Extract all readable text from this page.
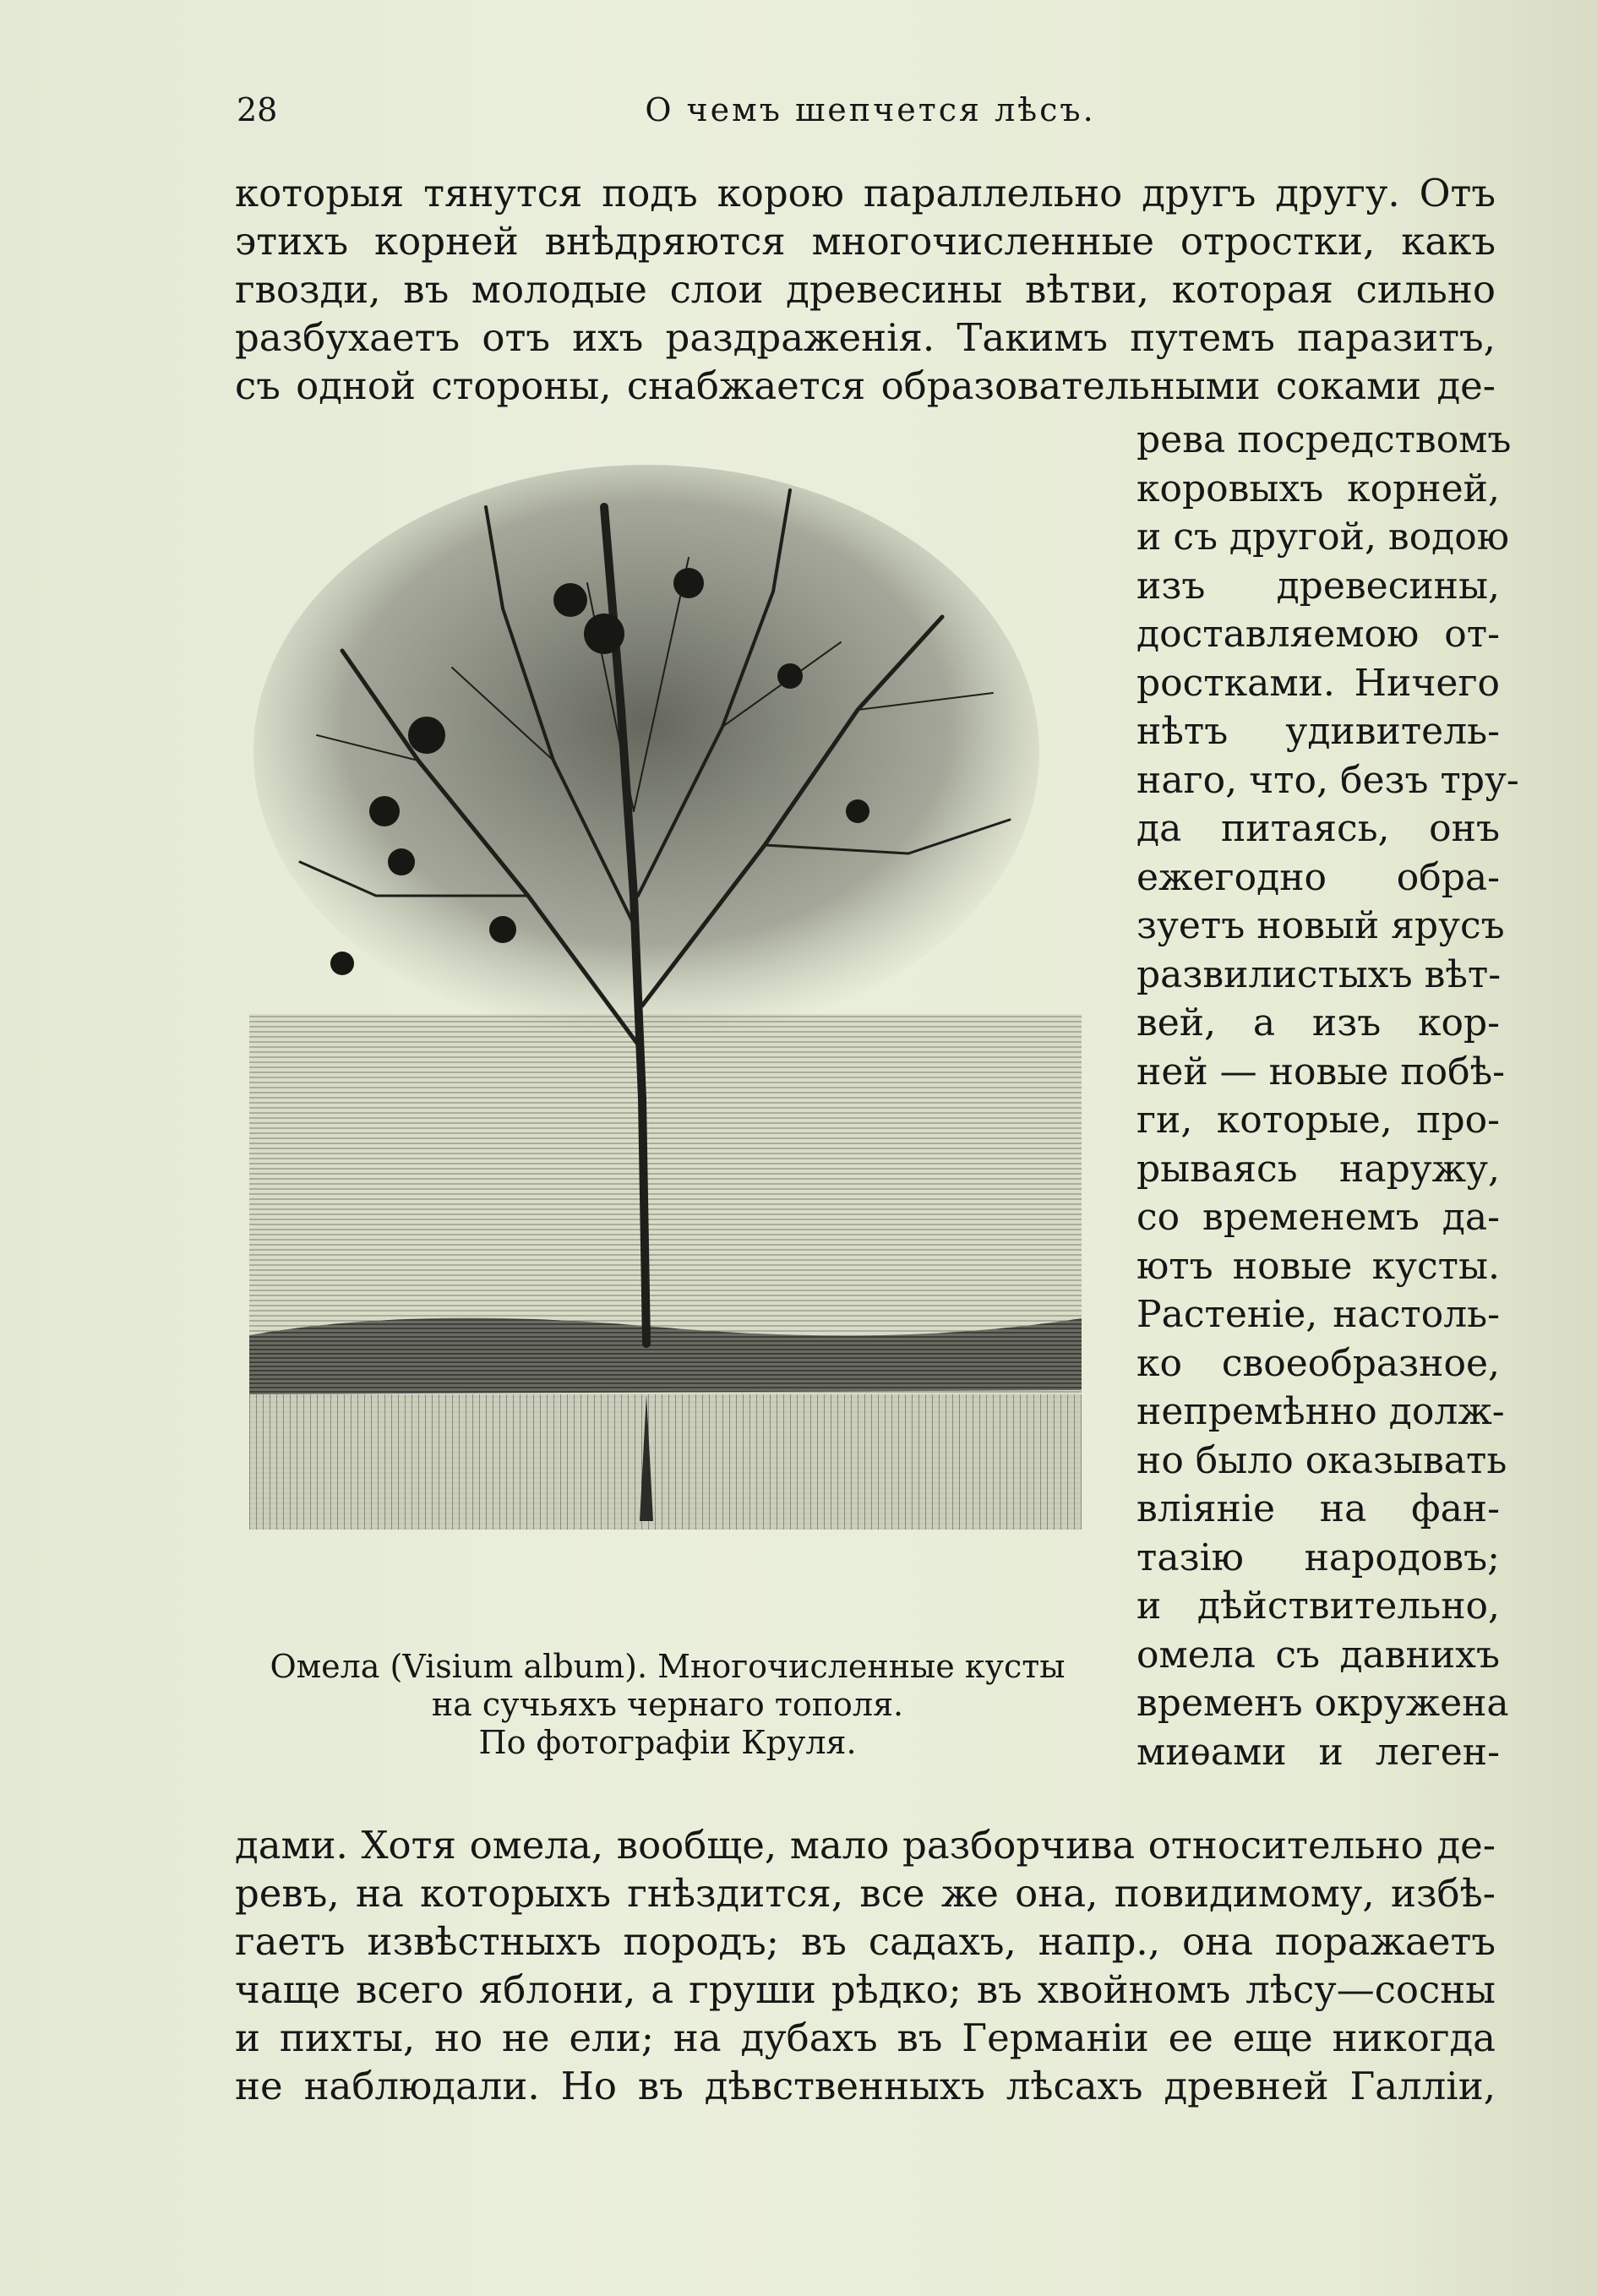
28	О чемъ шепчется лѣсъ.
которыя тянутся подъ корою параллельно другъ другу. Отъ
этихъ корней внѣдряются многочисленные отростки, какъ
гвозди, въ молодые слои древесины вѣтви, которая сильно
разбухаетъ отъ ихъ раздраженія. Такимъ путемъ паразитъ,
съ одной стороны, снабжается образовательными соками де-
Омела (Visium album). Многочисленные кусты
на сучьяхъ чернаго тополя.
По фотографіи Круля.
рева посредствомъ
коровыхъ корней,
и съ другой, водою
изъ древесины,
доставляемою от-
ростками. Ничего
нѣтъ удивитель-
наго, что, безъ тру-
да питаясь, онъ
ежегодно обра-
зуетъ новый ярусъ
развилистыхъ вѣт-
вей, а изъ кор-
ней — новые побѣ-
ги, которые, про-
рываясь наружу,
со временемъ да-
ютъ новые кусты.
Растеніе, настоль-
ко своеобразное,
непремѣнно долж-
но было оказывать
вліяніе на фан-
тазію народовъ;
и дѣйствительно,
омела съ давнихъ
временъ окружена
миѳами и леген-
дами. Хотя омела, вообще, мало разборчива относительно де-
ревъ, на которыхъ гнѣздится, все же она, повидимому, избѣ-
гаетъ извѣстныхъ породъ; въ садахъ, напр., она поражаетъ
чаще всего яблони, а груши рѣдко; въ хвойномъ лѣсу—сосны
и пихты, но не ели; на дубахъ въ Германіи ее еще никогда
не наблюдали. Но въ дѣвственныхъ лѣсахъ древней Галліи,
